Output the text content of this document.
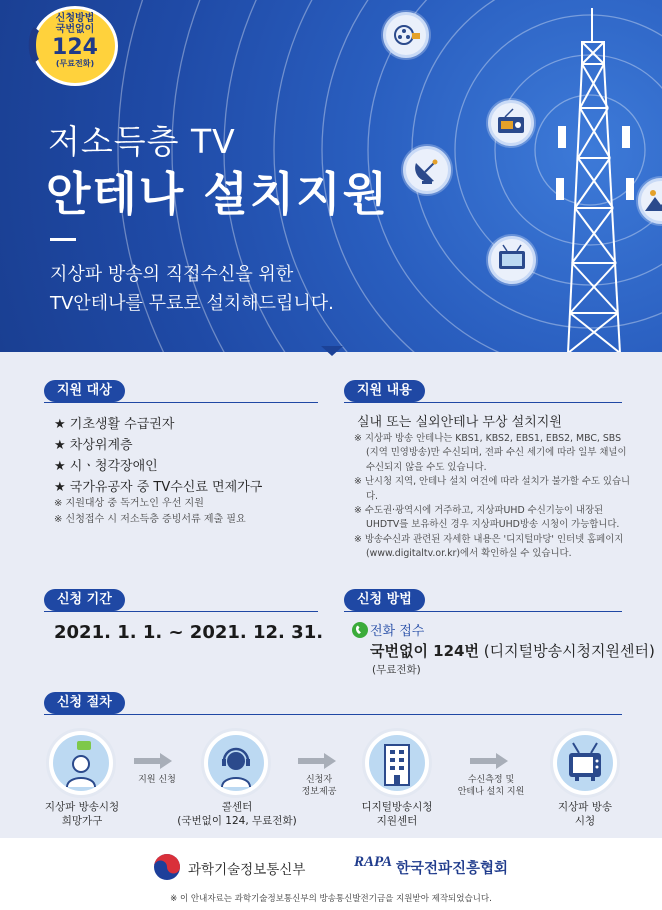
신청방법
국번없이
124
(무료전화)
저소득층 TV
안테나 설치지원
지상파 방송의 직접수신을 위한
TV안테나를 무료로 설치해드립니다.
지원 대상
★ 기초생활 수급권자
★ 차상위계층
★ 시ㆍ청각장애인
★ 국가유공자 중 TV수신료 면제가구
※ 지원대상 중 독거노인 우선 지원
※ 신청접수 시 저소득층 증빙서류 제출 필요
지원 내용
실내 또는 실외안테나 무상 설치지원

※ 지상파 방송 안테나는 KBS1, KBS2, EBS1, EBS2, MBC, SBS (지역 민영방송)만 수신되며, 전파 수신 세기에 따라 일부 채널이 수신되지 않을 수도 있습니다.

※ 난시청 지역, 안테나 설치 여건에 따라 설치가 불가할 수도 있습니다.

※ 수도권·광역시에 거주하고, 지상파UHD 수신기능이 내장된 UHDTV를 보유하신 경우 지상파UHD방송 시청이 가능합니다.

※ 방송수신과 관련된 자세한 내용은 '디지털마당' 인터넷 홈페이지(www.digitaltv.or.kr)에서 확인하실 수 있습니다.

신청 기간
2021. 1. 1. ~ 2021. 12. 31.
신청 방법
전화 접수
국번없이 124번 (디지털방송시청지원센터)
(무료전화)
신청 절차
지상파 방송시청
희망가구
지원 신청
콜센터
(국번없이 124, 무료전화)
신청자
정보제공
디지털방송시청
지원센터
수신측정 및
안테나 설치 지원
지상파 방송
시청
과학기술정보통신부	RAPA 한국전파진흥협회
※ 이 안내자료는 과학기술정보통신부의 방송통신발전기금을 지원받아 제작되었습니다.
